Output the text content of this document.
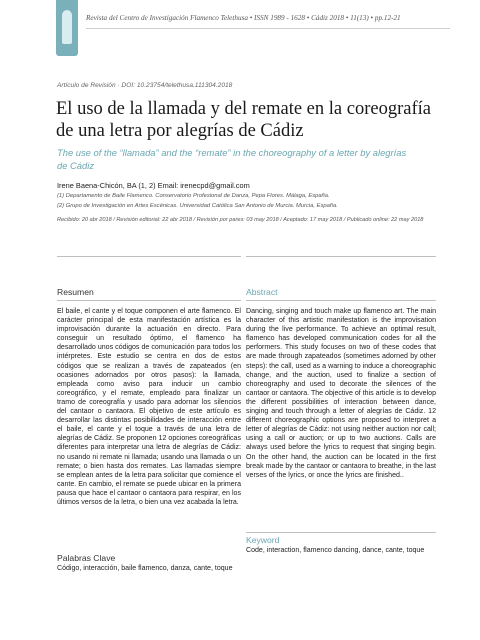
Revista del Centro de Investigación Flamenco Telethusa • ISSN 1989 - 1628 • Cádiz 2018 • 11(13) • pp.12-21
Artículo de Revisión · DOI: 10.23754/telethusa.111304.2018
El uso de la llamada y del remate en la coreografía de una letra por alegrías de Cádiz
The use of the “llamada” and the “remate” in the choreography of a letter by alegrías de Cádiz
Irene Baena-Chicón, BA (1, 2) Email: irenecpd@gmail.com
(1) Departamento de Baile Flamenco. Conservatorio Profesional de Danza, Pepa Flores. Málaga, España.
(2) Grupo de Investigación en Artes Escénicas. Universidad Católica San Antonio de Murcia. Murcia, España.
Recibido: 20 abr 2018 / Revisión editorial: 22 abr 2018 / Revisión por pares: 03 may 2018 / Aceptado: 17 may 2018 / Publicado online: 22 may 2018
Resumen
El baile, el cante y el toque componen el arte flamenco. El carácter principal de esta manifestación artística es la improvisación durante la actuación en directo. Para conseguir un resultado óptimo, el flamenco ha desarrollado unos códigos de comunicación para todos los intérpretes. Este estudio se centra en dos de estos códigos que se realizan a través de zapateados (en ocasiones adornados por otros pasos): la llamada, empleada como aviso para inducir un cambio coreográfico, y el remate, empleado para finalizar un tramo de coreografía y usado para adornar los silencios del cantaor o cantaora. El objetivo de este artículo es desarrollar las distintas posibilidades de interacción entre el baile, el cante y el toque a través de una letra de alegrías de Cádiz. Se proponen 12 opciones coreográficas diferentes para interpretar una letra de alegrías de Cádiz: no usando ni remate ni llamada; usando una llamada o un remate; o bien hasta dos remates. Las llamadas siempre se emplean antes de la letra para solicitar que comience el cante. En cambio, el remate se puede ubicar en la primera pausa que hace el cantaor o cantaora para respirar, en los últimos versos de la letra, o bien una vez acabada la letra.
Abstract
Dancing, singing and touch make up flamenco art. The main character of this artistic manifestation is the improvisation during the live performance. To achieve an optimal result, flamenco has developed communication codes for all the performers. This study focuses on two of these codes that are made through zapateados (sometimes adorned by other steps): the call, used as a warning to induce a choreographic change, and the auction, used to finalize a section of choreography and used to decorate the silences of the cantaor or cantaora. The objective of this article is to develop the different possibilities of interaction between dance, singing and touch through a letter of alegrías de Cádiz. 12 different choreographic options are proposed to interpret a letter of alegrías de Cádiz: not using neither auction nor call; using a call or auction; or up to two auctions. Calls are always used before the lyrics to request that singing begin. On the other hand, the auction can be located in the first break made by the cantaor or cantaora to breathe, in the last verses of the lyrics, or once the lyrics are finished..
Palabras Clave
Código, interacción, baile flamenco, danza, cante, toque
Keyword
Code, interaction, flamenco dancing, dance, cante, toque
